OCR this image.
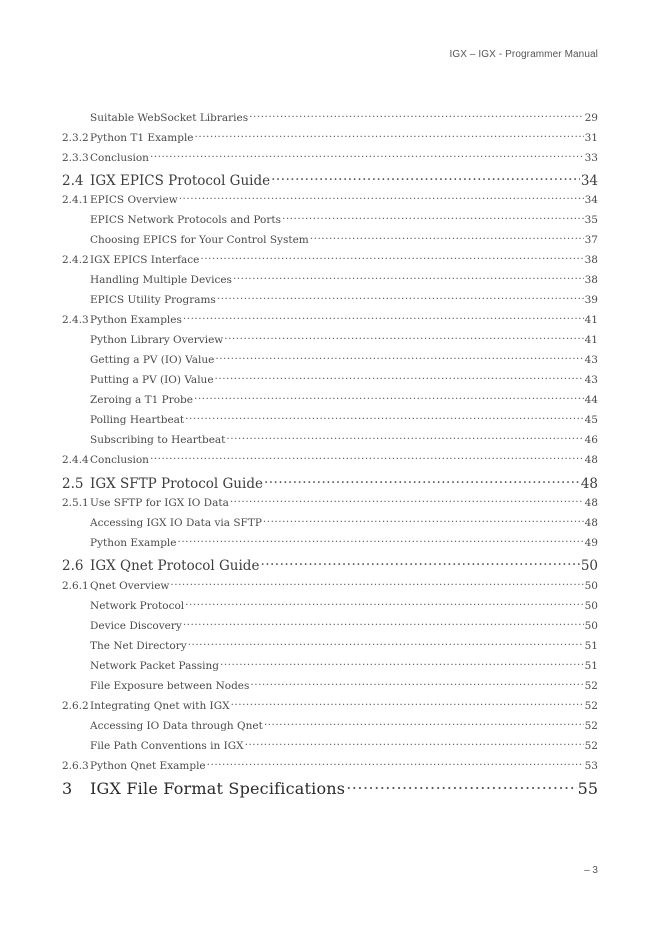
IGX – IGX - Programmer Manual
Suitable WebSocket Libraries .....	29
2.3.2 Python T1 Example .....	31
2.3.3 Conclusion .....	33
2.4 IGX EPICS Protocol Guide .....	34
2.4.1 EPICS Overview .....	34
EPICS Network Protocols and Ports .....	35
Choosing EPICS for Your Control System .....	37
2.4.2 IGX EPICS Interface .....	38
Handling Multiple Devices .....	38
EPICS Utility Programs .....	39
2.4.3 Python Examples .....	41
Python Library Overview .....	41
Getting a PV (IO) Value .....	43
Putting a PV (IO) Value .....	43
Zeroing a T1 Probe .....	44
Polling Heartbeat .....	45
Subscribing to Heartbeat .....	46
2.4.4 Conclusion .....	48
2.5 IGX SFTP Protocol Guide .....	48
2.5.1 Use SFTP for IGX IO Data .....	48
Accessing IGX IO Data via SFTP .....	48
Python Example .....	49
2.6 IGX Qnet Protocol Guide .....	50
2.6.1 Qnet Overview .....	50
Network Protocol .....	50
Device Discovery .....	50
The Net Directory .....	51
Network Packet Passing .....	51
File Exposure between Nodes .....	52
2.6.2 Integrating Qnet with IGX .....	52
Accessing IO Data through Qnet .....	52
File Path Conventions in IGX .....	52
2.6.3 Python Qnet Example .....	53
3	IGX File Format Specifications .....	55
– 3
